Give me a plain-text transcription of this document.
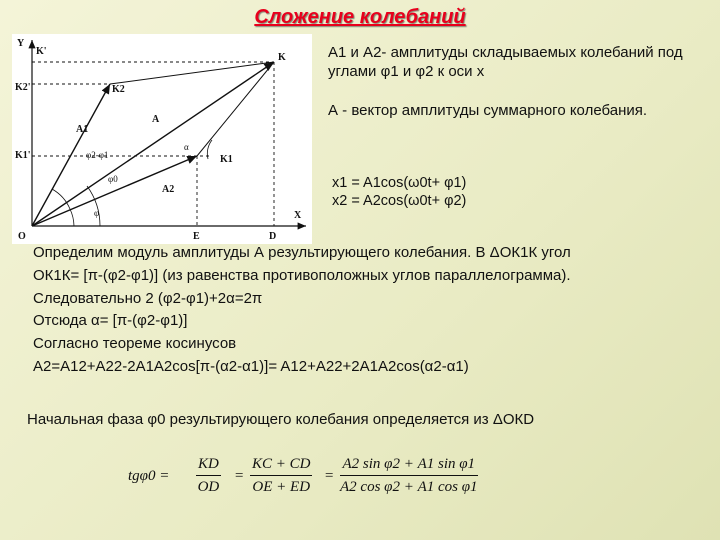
Сложение колебаний
Y
K'
K
K2'	K2
A1
A
K1'	φ2-φ1
α
K1
φ0
A2
φ
O	E	D
X
А1 и А2- амплитуды складываемых колебаний под углами φ1 и φ2 к оси х
А - вектор амплитуды суммарного колебания.
x1 = A1cos(ω0t+ φ1)
x2 = A2cos(ω0t+ φ2)
Определим модуль амплитуды А результирующего колебания. В ΔОК1К угол
ОК1К= [π-(φ2-φ1)] (из равенства противоположных углов параллелограмма).
Следовательно 2 (φ2-φ1)+2α=2π
Отсюда α= [π-(φ2-φ1)]
Согласно теореме косинусов
A2=A12+A22-2A1A2cos[π-(α2-α1)]= A12+A22+2A1A2cos(α2-α1)
Начальная фаза φ0 результирующего колебания определяется из ΔОКD
$tg\varphi 0 = \frac{KD}{OD} = \frac{KC + CD}{OE + ED} = \frac{\text{A2 sin φ2 + A1 sin φ1}}{\text{A2 cos φ2 + A1 cos φ1}}$
